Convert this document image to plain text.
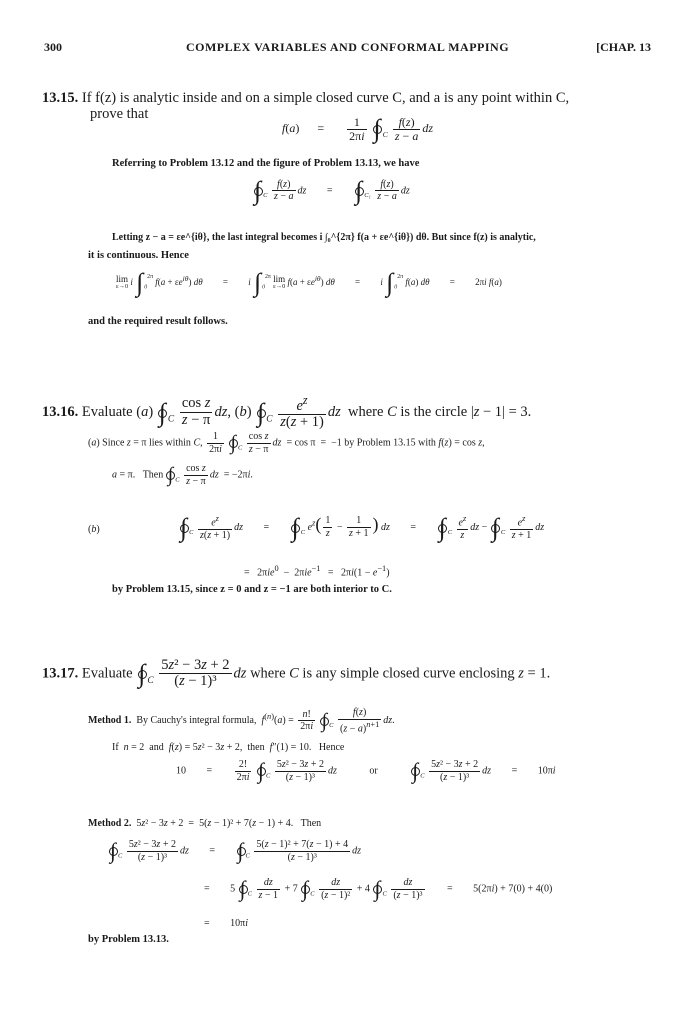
300	COMPLEX VARIABLES AND CONFORMAL MAPPING	[CHAP. 13
13.15. If f(z) is analytic inside and on a simple closed curve C, and a is any point within C,
prove that
$f(a) = \frac{1}{2\pi i}$ ∫ $_C \frac{f(z)}{z - a}$ dz
Referring to Problem 13.12 and the figure of Problem 13.13, we have
∫ $_C \frac{f(z)}{z - a}$ dz = ∫ $_{C_1} \frac{f(z)}{z - a}$ dz
Letting z − a = εe^{iθ}, the last integral becomes i ∫₀^{2π} f(a + εe^{iθ}) dθ. But since f(z) is analytic,
it is continuous. Hence
lim
ε→0 i $\int_0^{2\pi}$ $f(a + \varepsilon e^{i\theta})$ dθ = i $\int_0^{2\pi}$ lim
ε→0 $f(a + \varepsilon e^{i\theta})$ dθ = i $\int_0^{2\pi}$ f(a) dθ = 2πi f(a)
and the required result follows.
13.16. Evaluate (a) ∫ $_C \frac{\text{cos z}}{z - \pi}$ dz, (b) ∫ $_C \frac{e^z}{z(z + 1)}$ dz  where C is the circle |z − 1| = 3.
(a) Since z = π lies within C, $\frac{1}{2\pi i}$ ∫ $_C \frac{\text{cos z}}{z - \pi}$ dz  = cos π  =  −1 by Problem 13.15 with f(z) = cos z,
a = π.   Then ∫ $_C \frac{\text{cos z}}{z - \pi}$ dz  = −2πi.
(b)	∫ $_C \frac{e^z}{z(z + 1)}$ dz = ∫ $_C$ $e^z( \frac{1}{z} - \frac{1}{z + 1}$ ) dz = ∫ $_C \frac{e^z}{z}$ dz − ∫ $_C \frac{e^z}{z + 1}$ dz
=   $2\pi ie^0 - 2\pi ie^{-1} = 2\pi i(1 - e^{-1})$
by Problem 13.15, since z = 0 and z = −1 are both interior to C.
13.17. Evaluate ∫ $_C \frac{\text{5z² − 3z + 2}}{\text{(z − 1)³}}$ dz where C is any simple closed curve enclosing z = 1.
Method 1.  By Cauchy's integral formula,  $f^{(n)}(a) = \frac{n!}{2\pi i}$ ∫ $_C \frac{f(z)}{(z - a)^{n+1}}$ dz.
If  n = 2  and  f(z) = 5z² − 3z + 2,  then  f″(1) = 10.   Hence
$10 = \frac{2!}{2\pi i}$ ∫ $_C \frac{\text{5z² − 3z + 2}}{\text{(z − 1)³}}$ dz	or ∫ $_C \frac{\text{5z² − 3z + 2}}{\text{(z − 1)³}}$ dz = 10πi
Method 2.  5z² − 3z + 2  =  5(z − 1)² + 7(z − 1) + 4.   Then
∫ $_C \frac{\text{5z² − 3z + 2}}{\text{(z − 1)³}}$ dz = ∫ $_C \frac{\text{5(z − 1)² + 7(z − 1) + 4}}{\text{(z − 1)³}}$ dz
= 5 ∫ $_C \frac{dz}{z - 1} + 7$ ∫ $_C \frac{dz}{\text{(z − 1)²}} + 4$ ∫ $_C \frac{dz}{\text{(z − 1)³}} = 5(2\pi i) + 7(0) + 4(0)$
= 10πi
by Problem 13.13.
